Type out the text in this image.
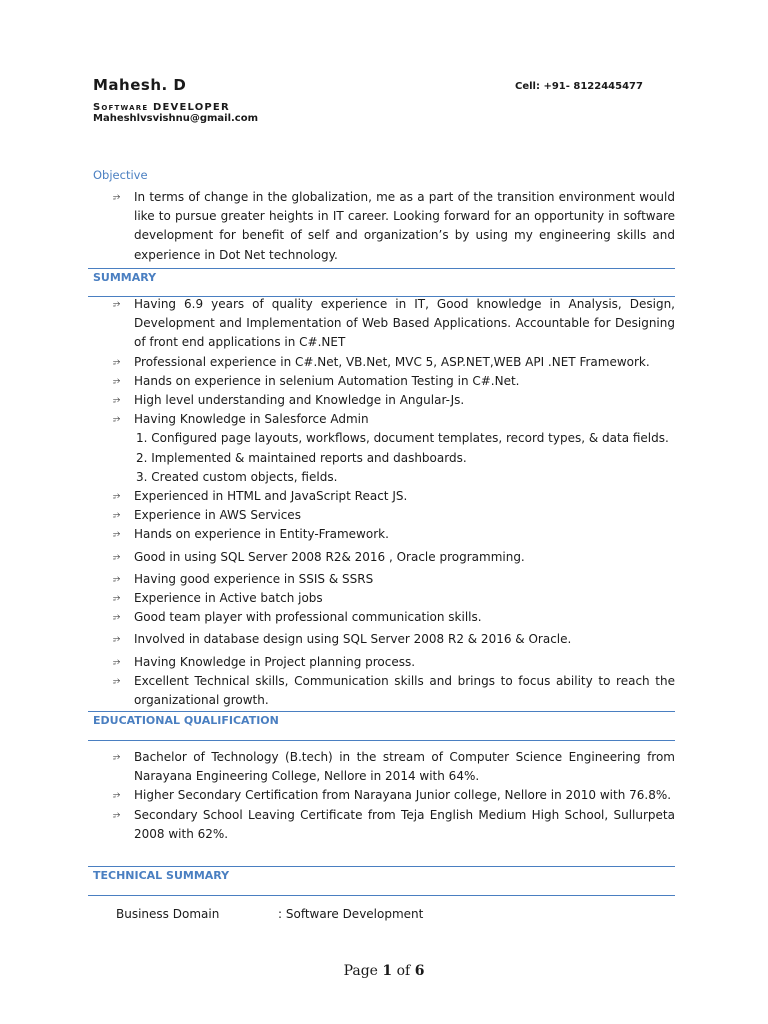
Mahesh. D	Cell: +91- 8122445477
Software DEVELOPER
Maheshlvsvishnu@gmail.com
Objective
⭈	In terms of change in the globalization, me as a part of the transition environment would like to pursue greater heights in IT career. Looking forward for an opportunity in software development for benefit of self and organization’s by using my engineering skills and experience in Dot Net technology.
SUMMARY
⭈	Having 6.9 years of quality experience in IT, Good knowledge in Analysis, Design, Development and Implementation of Web Based Applications. Accountable for Designing of front end applications in C#.NET
⭈	Professional experience in C#.Net, VB.Net, MVC 5, ASP.NET,WEB API .NET Framework.
⭈	Hands on experience in selenium Automation Testing in C#.Net.
⭈	High level understanding and Knowledge in Angular-Js.
⭈	Having Knowledge in Salesforce Admin
1. Configured page layouts, workflows, document templates, record types, & data fields.
2. Implemented & maintained reports and dashboards.
3. Created custom objects, fields.
⭈	Experienced in HTML and JavaScript React JS.
⭈	Experience in AWS Services
⭈	Hands on experience in Entity-Framework.
⭈	Good in using SQL Server 2008 R2& 2016 , Oracle programming.
⭈	Having good experience in SSIS & SSRS
⭈	Experience in Active batch jobs
⭈	Good team player with professional communication skills.
⭈	Involved in database design using SQL Server 2008 R2 & 2016 & Oracle.
⭈	Having Knowledge in Project planning process.
⭈	Excellent Technical skills, Communication skills and brings to focus ability to reach the organizational growth.
EDUCATIONAL QUALIFICATION
⭈	Bachelor of Technology (B.tech) in the stream of Computer Science Engineering from Narayana Engineering College, Nellore in 2014 with 64%.
⭈	Higher Secondary Certification from Narayana Junior college, Nellore in 2010 with 76.8%.
⭈	Secondary School Leaving Certificate from Teja English Medium High School, Sullurpeta 2008 with 62%.
TECHNICAL SUMMARY
Business Domain	: Software Development
Page 1 of 6
